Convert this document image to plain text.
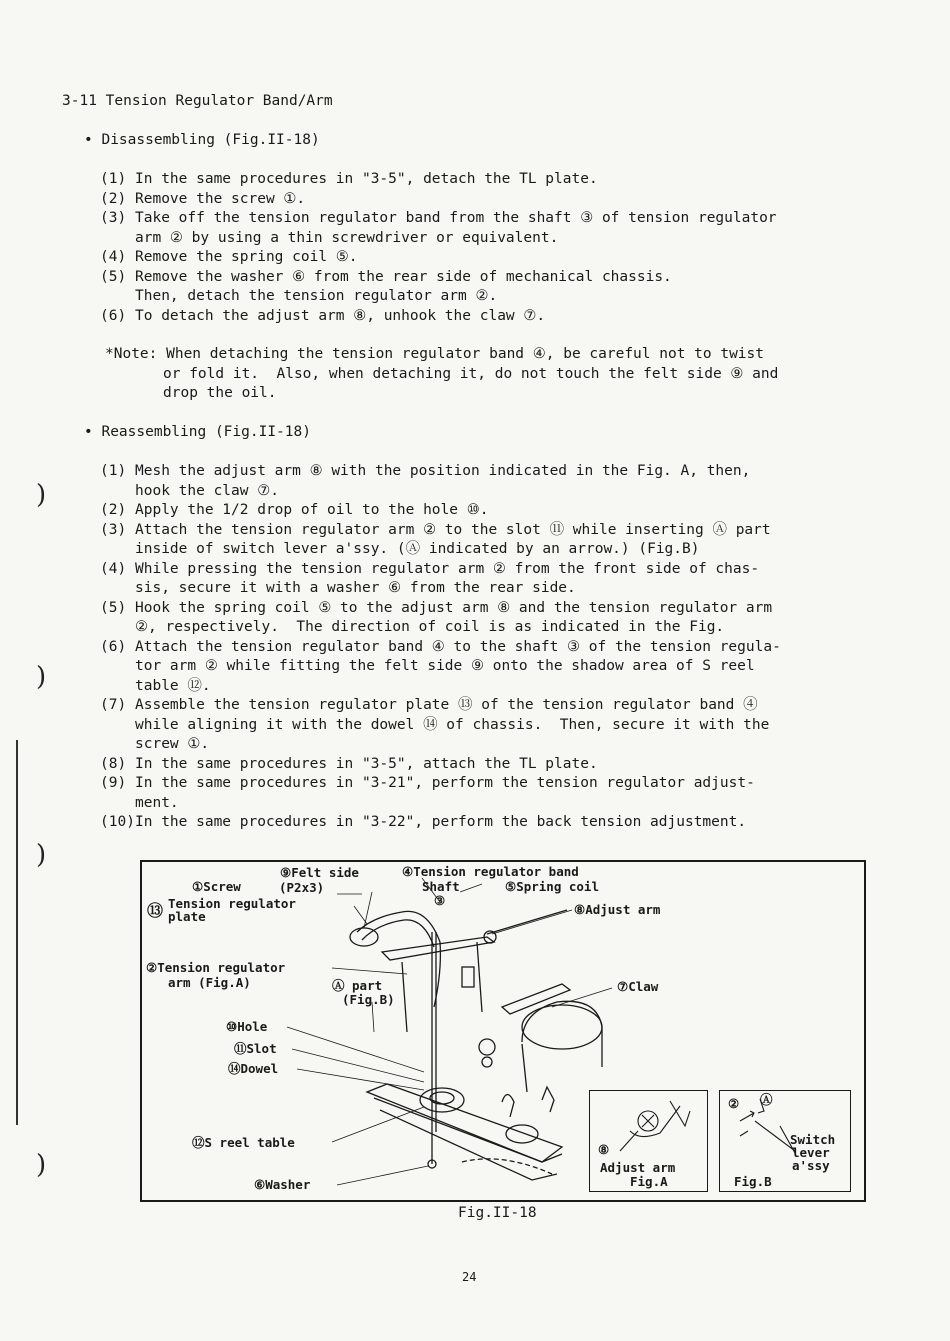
3-11 Tension Regulator Band/Arm
• Disassembling (Fig.II-18)
(1) In the same procedures in "3-5", detach the TL plate.
(2) Remove the screw ①.
(3) Take off the tension regulator band from the shaft ③ of tension regulator
arm ② by using a thin screwdriver or equivalent.
(4) Remove the spring coil ⑤.
(5) Remove the washer ⑥ from the rear side of mechanical chassis.
Then, detach the tension regulator arm ②.
(6) To detach the adjust arm ⑧, unhook the claw ⑦.
*Note: When detaching the tension regulator band ④, be careful not to twist
or fold it.  Also, when detaching it, do not touch the felt side ⑨ and
drop the oil.
• Reassembling (Fig.II-18)
(1) Mesh the adjust arm ⑧ with the position indicated in the Fig. A, then,
hook the claw ⑦.
(2) Apply the 1/2 drop of oil to the hole ⑩.
(3) Attach the tension regulator arm ② to the slot ⑪ while inserting Ⓐ part
inside of switch lever a'ssy. (Ⓐ indicated by an arrow.) (Fig.B)
(4) While pressing the tension regulator arm ② from the front side of chas-
sis, secure it with a washer ⑥ from the rear side.
(5) Hook the spring coil ⑤ to the adjust arm ⑧ and the tension regulator arm
②, respectively.  The direction of coil is as indicated in the Fig.
(6) Attach the tension regulator band ④ to the shaft ③ of the tension regula-
tor arm ② while fitting the felt side ⑨ onto the shadow area of S reel
table ⑫.
(7) Assemble the tension regulator plate ⑬ of the tension regulator band ④
while aligning it with the dowel ⑭ of chassis.  Then, secure it with the
screw ①.
(8) In the same procedures in "3-5", attach the TL plate.
(9) In the same procedures in "3-21", perform the tension regulator adjust-
ment.
(10) In the same procedures in "3-22", perform the back tension adjustment.
)
)
)
)
⑨Felt side
(P2x3)
④Tension regulator band
①Screw	Shaft
③
⑤Spring coil
⑬ Tension regulator
plate	⑧Adjust arm
②Tension regulator
arm (Fig.A)	Ⓐ part
(Fig.B)
⑦Claw
⑩Hole
⑪Slot
⑭Dowel
⑫S reel table
⑥Washer
⑧
Adjust arm
Fig.A
Ⓐ
②
Switch
lever
a'ssy
Fig.B
Fig.II-18
24
